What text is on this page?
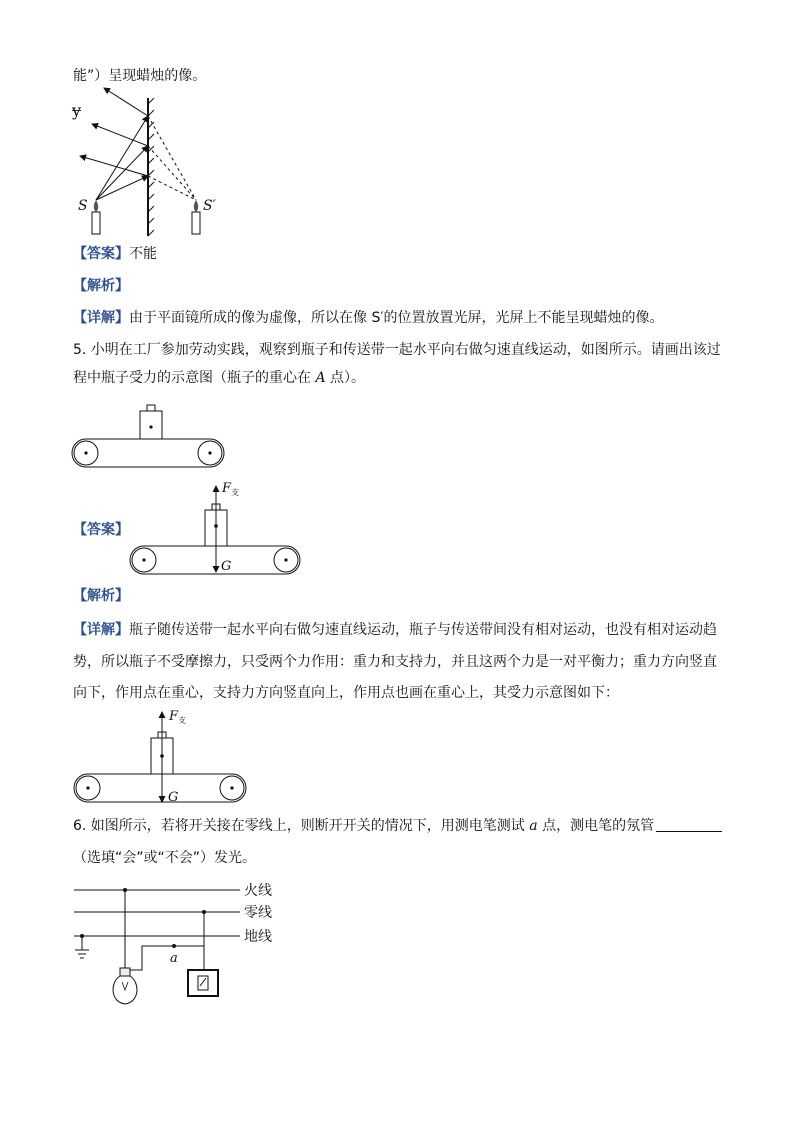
能”）呈现蜡烛的像。
ɏ
S	S′
【答案】不能
【解析】
【详解】由于平面镜所成的像为虚像，所以在像 S′的位置放置光屏，光屏上不能呈现蜡烛的像。
5. 小明在工厂参加劳动实践，观察到瓶子和传送带一起水平向右做匀速直线运动，如图所示。请画出该过
程中瓶子受力的示意图（瓶子的重心在 A 点）。
【答案】
$F_支$
G
【解析】
【详解】瓶子随传送带一起水平向右做匀速直线运动，瓶子与传送带间没有相对运动，也没有相对运动趋
势，所以瓶子不受摩擦力，只受两个力作用：重力和支持力，并且这两个力是一对平衡力；重力方向竖直
向下，作用点在重心，支持力方向竖直向上，作用点也画在重心上，其受力示意图如下：
$F_支$
G
6. 如图所示，若将开关接在零线上，则断开开关的情况下，用测电笔测试 a 点，测电笔的氖管
（选填“会”或“不会”）发光。
火线
零线
地线
a
